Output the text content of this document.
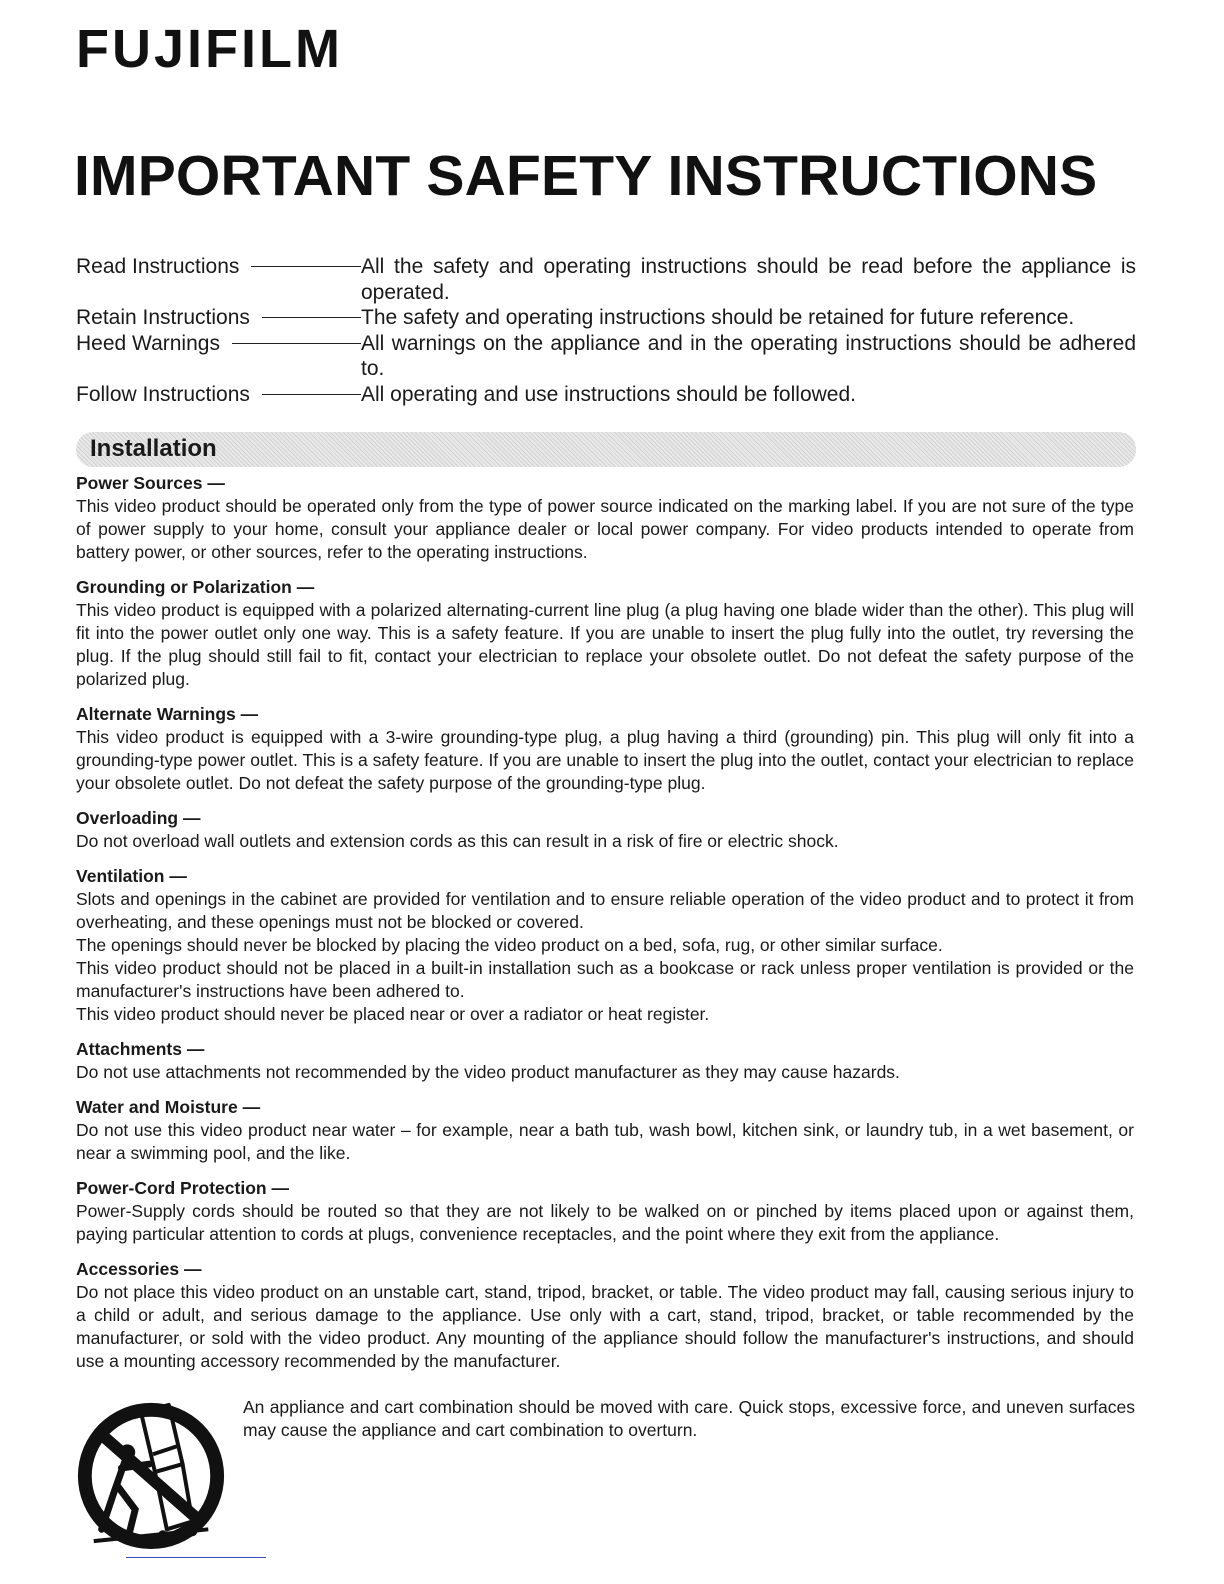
FUJIFILM
IMPORTANT SAFETY INSTRUCTIONS
Read Instructions	All the safety and operating instructions should be read before the appliance is operated.
Retain Instructions	The safety and operating instructions should be retained for future reference.
Heed Warnings	All warnings on the appliance and in the operating instructions should be adhered to.
Follow Instructions	All operating and use instructions should be followed.
Installation
Power Sources —
This video product should be operated only from the type of power source indicated on the marking label. If you are not sure of the type of power supply to your home, consult your appliance dealer or local power company. For video products intended to operate from battery power, or other sources, refer to the operating instructions.
Grounding or Polarization —
This video product is equipped with a polarized alternating-current line plug (a plug having one blade wider than the other). This plug will fit into the power outlet only one way. This is a safety feature. If you are unable to insert the plug fully into the outlet, try reversing the plug. If the plug should still fail to fit, contact your electrician to replace your obsolete outlet. Do not defeat the safety purpose of the polarized plug.
Alternate Warnings —
This video product is equipped with a 3-wire grounding-type plug, a plug having a third (grounding) pin. This plug will only fit into a grounding-type power outlet. This is a safety feature. If you are unable to insert the plug into the outlet, contact your electrician to replace your obsolete outlet. Do not defeat the safety purpose of the grounding-type plug.
Overloading —
Do not overload wall outlets and extension cords as this can result in a risk of fire or electric shock.
Ventilation —
Slots and openings in the cabinet are provided for ventilation and to ensure reliable operation of the video product and to protect it from overheating, and these openings must not be blocked or covered.
The openings should never be blocked by placing the video product on a bed, sofa, rug, or other similar surface.
This video product should not be placed in a built-in installation such as a bookcase or rack unless proper ventilation is provided or the manufacturer's instructions have been adhered to.
This video product should never be placed near or over a radiator or heat register.
Attachments —
Do not use attachments not recommended by the video product manufacturer as they may cause hazards.
Water and Moisture —
Do not use this video product near water – for example, near a bath tub, wash bowl, kitchen sink, or laundry tub, in a wet basement, or near a swimming pool, and the like.
Power-Cord Protection —
Power-Supply cords should be routed so that they are not likely to be walked on or pinched by items placed upon or against them, paying particular attention to cords at plugs, convenience receptacles, and the point where they exit from the appliance.
Accessories —
Do not place this video product on an unstable cart, stand, tripod, bracket, or table. The video product may fall, causing serious injury to a child or adult, and serious damage to the appliance. Use only with a cart, stand, tripod, bracket, or table recommended by the manufacturer, or sold with the video product. Any mounting of the appliance should follow the manufacturer's instructions, and should use a mounting accessory recommended by the manufacturer.
An appliance and cart combination should be moved with care. Quick stops, excessive force, and uneven surfaces may cause the appliance and cart combination to overturn.
